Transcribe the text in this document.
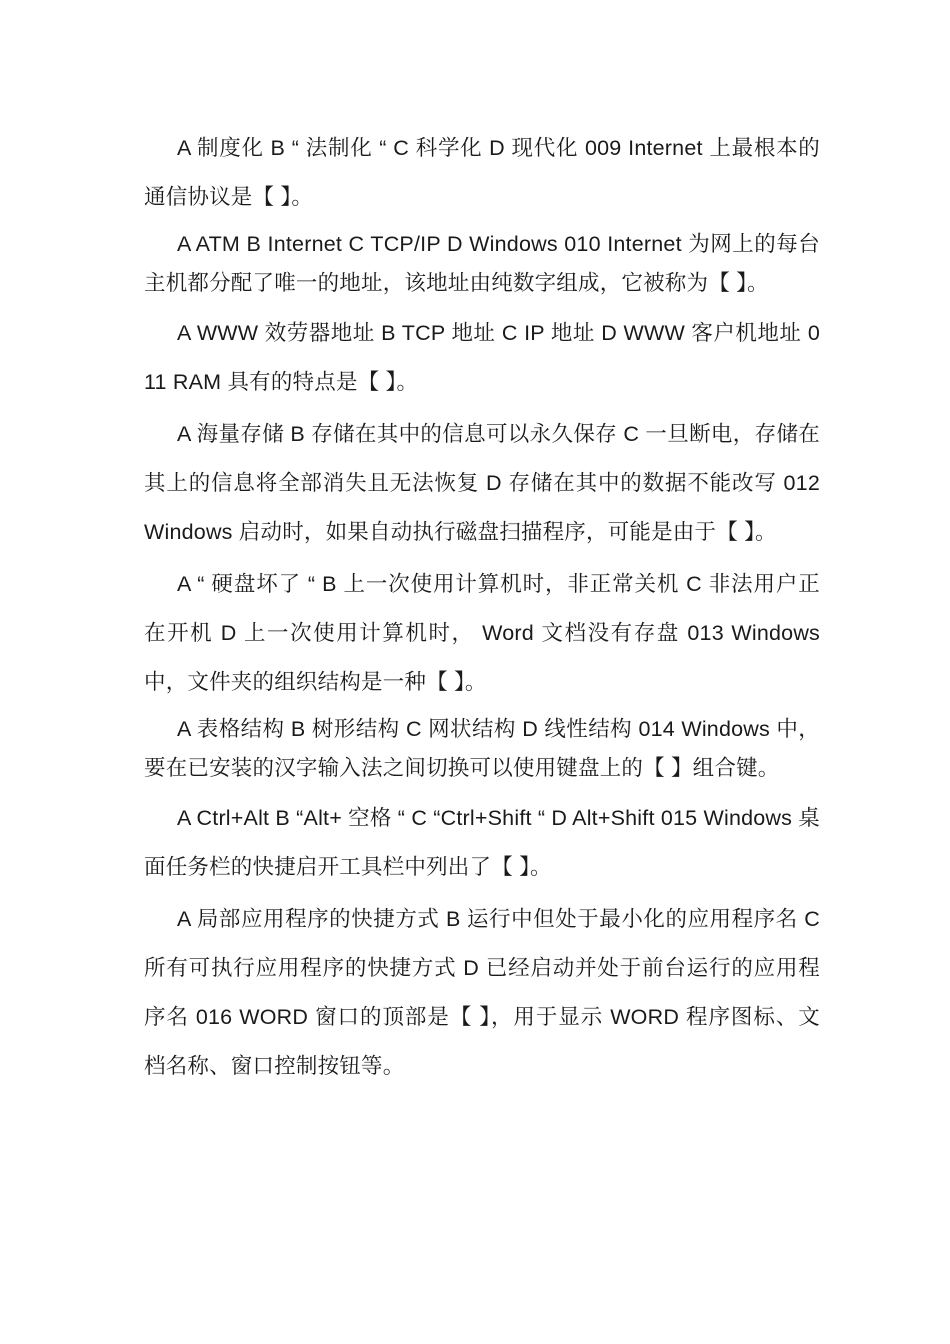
A 制度化 B “ 法制化 “ C 科学化 D 现代化 009 Internet 上最根本的通信协议是【 】。

A ATM B Internet C TCP/IP D Windows 010 Internet 为网上的每台主机都分配了唯一的地址，该地址由纯数字组成，它被称为【 】。

A WWW 效劳器地址 B TCP 地址 C IP 地址 D WWW 客户机地址 011 RAM 具有的特点是【 】。

A 海量存储 B 存储在其中的信息可以永久保存 C 一旦断电，存储在其上的信息将全部消失且无法恢复 D 存储在其中的数据不能改写 012 Windows 启动时，如果自动执行磁盘扫描程序，可能是由于【 】。

A “ 硬盘坏了 “ B 上一次使用计算机时，非正常关机 C 非法用户正在开机 D 上一次使用计算机时， Word 文档没有存盘 013 Windows 中，文件夹的组织结构是一种【 】。

A 表格结构 B 树形结构 C 网状结构 D 线性结构 014 Windows 中，要在已安装的汉字输入法之间切换可以使用键盘上的【 】组合键。

A Ctrl+Alt B “Alt+ 空格 “ C “Ctrl+Shift “ D Alt+Shift 015 Windows 桌面任务栏的快捷启开工具栏中列出了【 】。

A 局部应用程序的快捷方式 B 运行中但处于最小化的应用程序名 C 所有可执行应用程序的快捷方式 D 已经启动并处于前台运行的应用程序名 016 WORD 窗口的顶部是【 】，用于显示 WORD 程序图标、文档名称、窗口控制按钮等。
